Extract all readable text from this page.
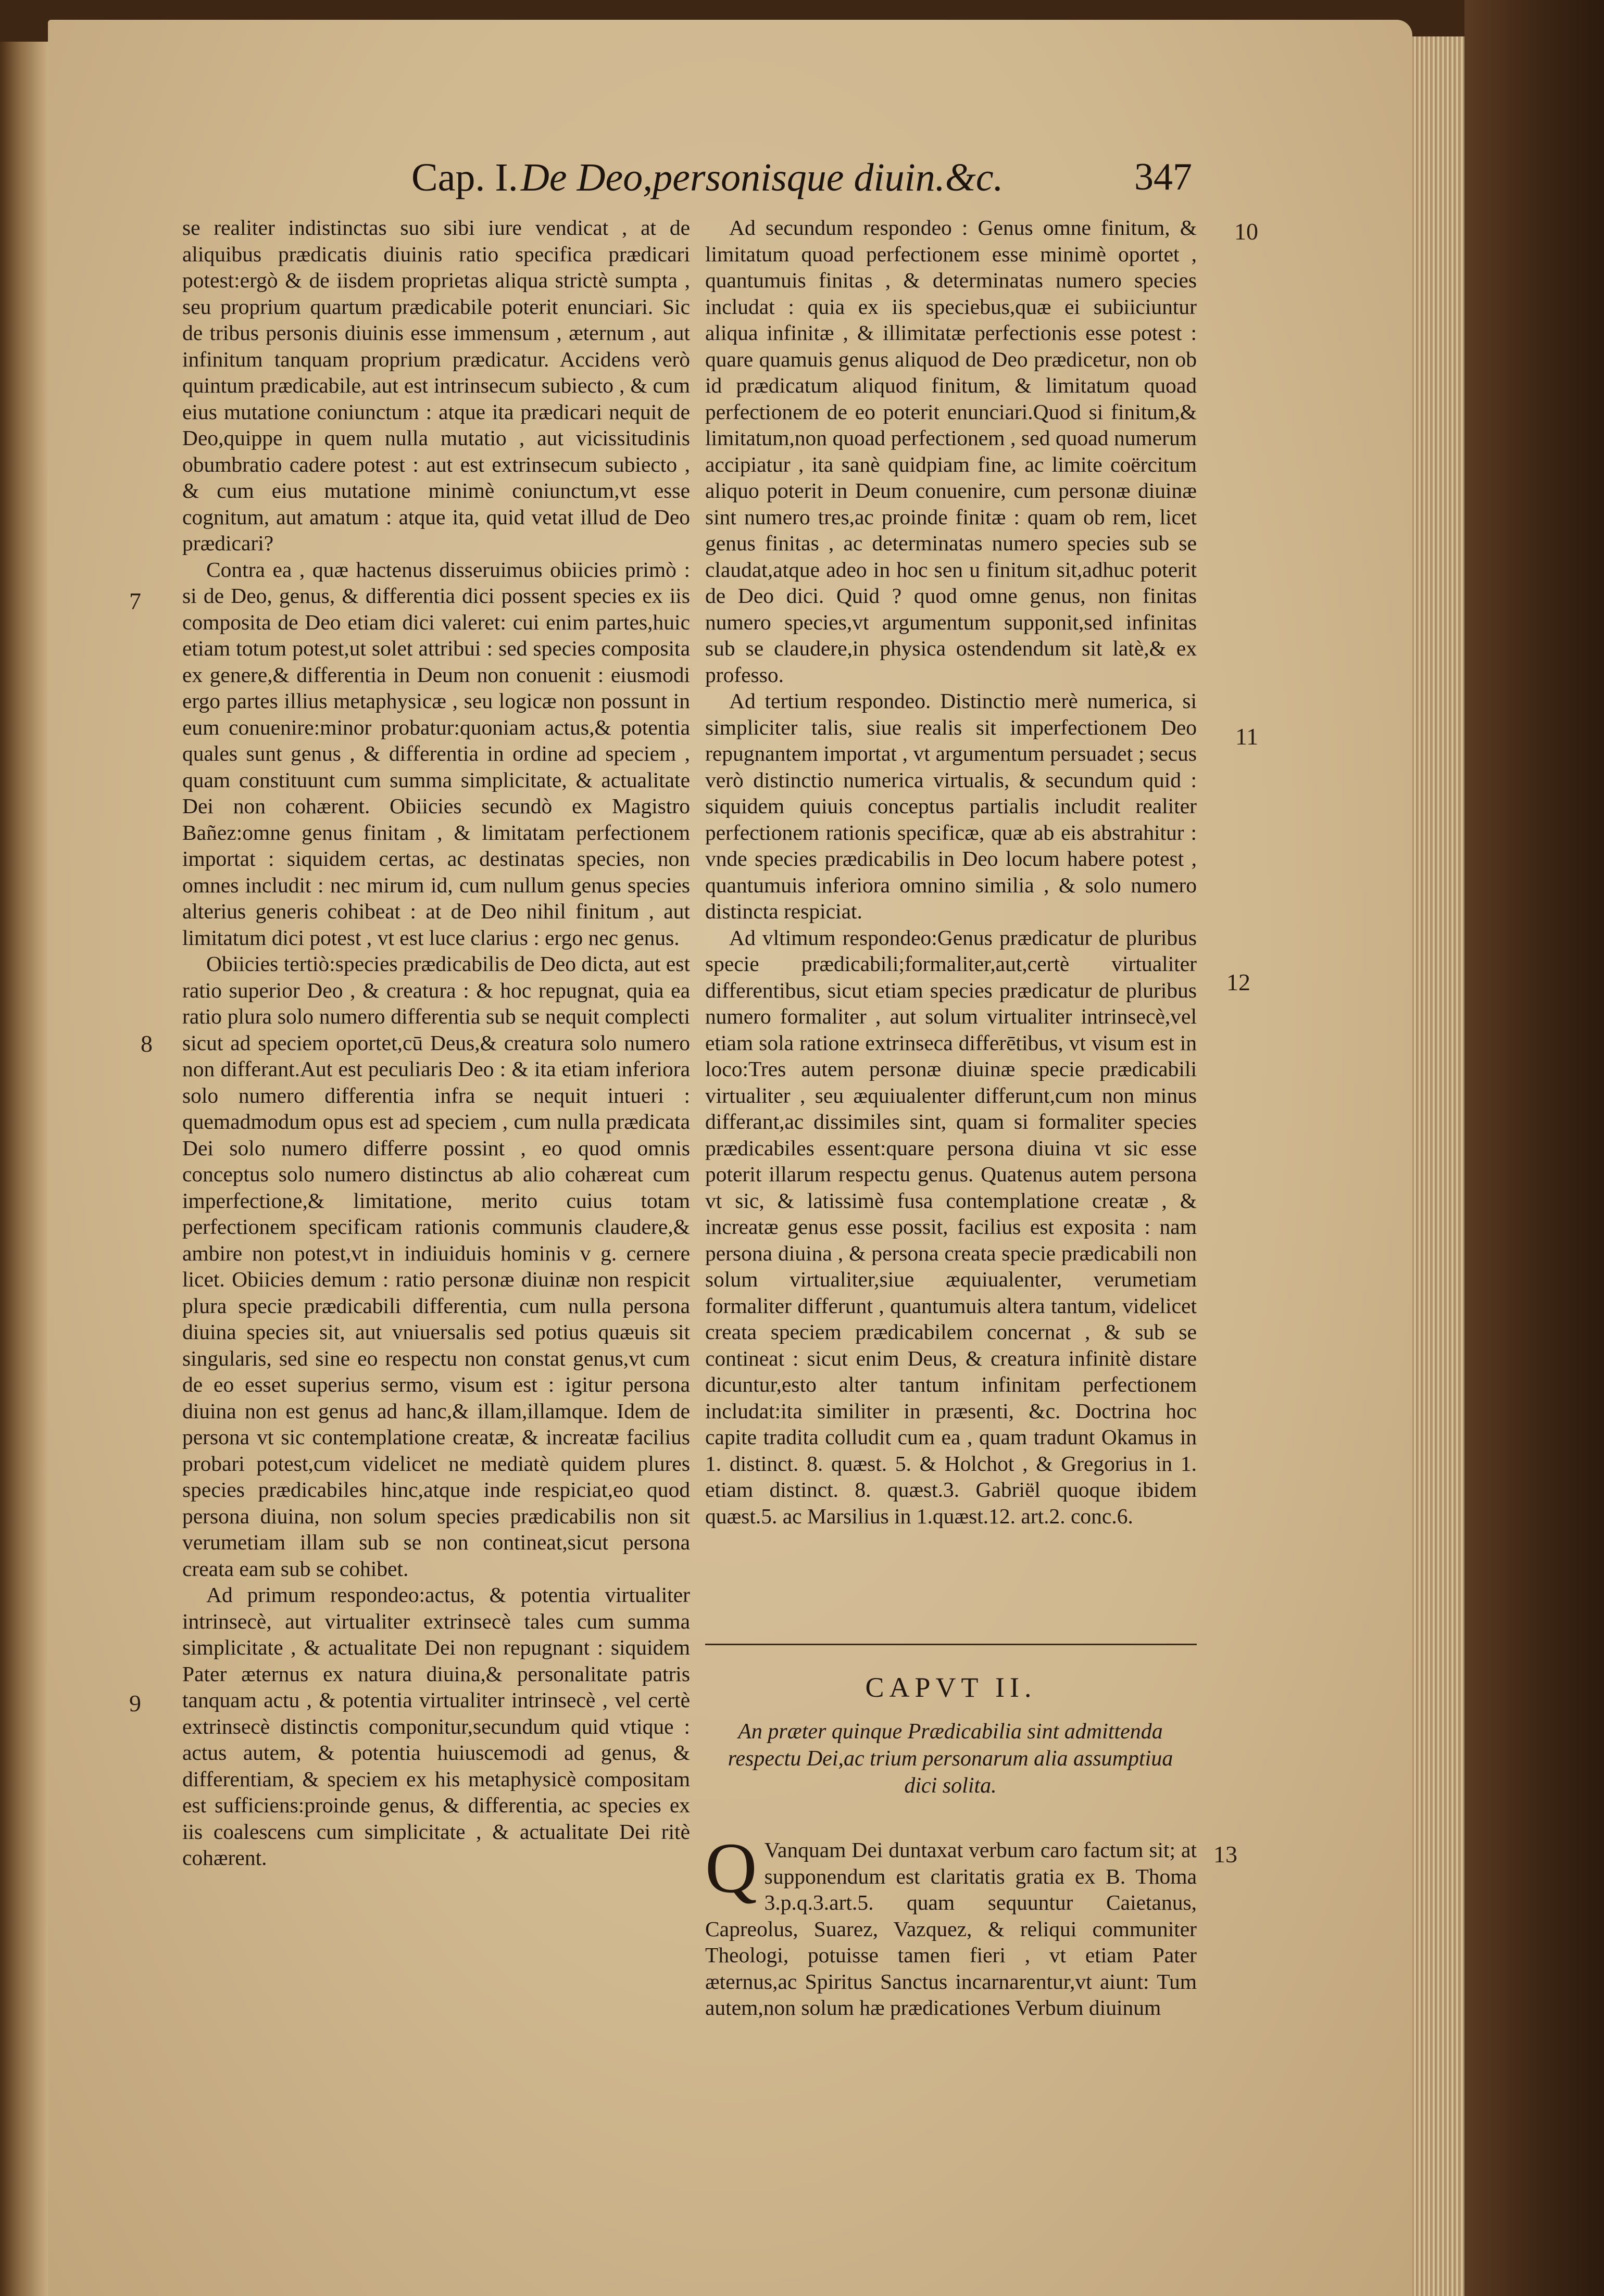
Cap. I. De Deo,personisque diuin.&c.	347

se realiter indistinctas suo sibi iure vendicat , at de aliquibus prædicatis diuinis ratio specifica prædicari potest:ergò & de iisdem proprietas aliqua strictè sumpta , seu proprium quartum prædicabile poterit enunciari. Sic de tribus personis diuinis esse immensum , æternum , aut infinitum tanquam proprium prædicatur. Accidens verò quintum prædicabile, aut est intrinsecum subiecto , & cum eius mutatione coniunctum : atque ita prædicari nequit de Deo,quippe in quem nulla mutatio , aut vicissitudinis obumbratio cadere potest : aut est extrinsecum subiecto , & cum eius mutatione minimè coniunctum,vt esse cognitum, aut amatum : atque ita, quid vetat illud de Deo prædicari?

Contra ea , quæ hactenus disseruimus obiicies primò : si de Deo, genus, & differentia dici possent species ex iis composita de Deo etiam dici valeret: cui enim partes,huic etiam totum potest,ut solet attribui : sed species composita ex genere,& differentia in Deum non conuenit : eiusmodi ergo partes illius metaphysicæ , seu logicæ non possunt in eum conuenire:minor probatur:quoniam actus,& potentia quales sunt genus , & differentia in ordine ad speciem , quam constituunt cum summa simplicitate, & actualitate Dei non cohærent. Obiicies secundò ex Magistro Bañez:omne genus finitam , & limitatam perfectionem importat : siquidem certas, ac destinatas species, non omnes includit : nec mirum id, cum nullum genus species alterius generis cohibeat : at de Deo nihil finitum , aut limitatum dici potest , vt est luce clarius : ergo nec genus.

Obiicies tertiò:species prædicabilis de Deo dicta, aut est ratio superior Deo , & creatura : & hoc repugnat, quia ea ratio plura solo numero differentia sub se nequit complecti sicut ad speciem oportet,cū Deus,& creatura solo numero non differant.Aut est peculiaris Deo : & ita etiam inferiora solo numero differentia infra se nequit intueri : quemadmodum opus est ad speciem , cum nulla prædicata Dei solo numero differre possint , eo quod omnis conceptus solo numero distinctus ab alio cohæreat cum imperfectione,& limitatione, merito cuius totam perfectionem specificam rationis communis claudere,& ambire non potest,vt in indiuiduis hominis v g. cernere licet. Obiicies demum : ratio personæ diuinæ non respicit plura specie prædicabili differentia, cum nulla persona diuina species sit, aut vniuersalis sed potius quæuis sit singularis, sed sine eo respectu non constat genus,vt cum de eo esset superius sermo, visum est : igitur persona diuina non est genus ad hanc,& illam,illamque. Idem de persona vt sic contemplatione creatæ, & increatæ facilius probari potest,cum videlicet ne mediatè quidem plures species prædicabiles hinc,atque inde respiciat,eo quod persona diuina, non solum species prædicabilis non sit verumetiam illam sub se non contineat,sicut persona creata eam sub se cohibet.

Ad primum respondeo:actus, & potentia virtualiter intrinsecè, aut virtualiter extrinsecè tales cum summa simplicitate , & actualitate Dei non repugnant : siquidem Pater æternus ex natura diuina,& personalitate patris tanquam actu , & potentia virtualiter intrinsecè , vel certè extrinsecè distinctis componitur,secundum quid vtique : actus autem, & potentia huiuscemodi ad genus, & differentiam, & speciem ex his metaphysicè compositam est sufficiens:proinde genus, & differentia, ac species ex iis coalescens cum simplicitate , & actualitate Dei ritè cohærent.

Ad secundum respondeo : Genus omne finitum, & limitatum quoad perfectionem esse minimè oportet , quantumuis finitas , & determinatas numero species includat : quia ex iis speciebus,quæ ei subiiciuntur aliqua infinitæ , & illimitatæ perfectionis esse potest : quare quamuis genus aliquod de Deo prædicetur, non ob id prædicatum aliquod finitum, & limitatum quoad perfectionem de eo poterit enunciari.Quod si finitum,& limitatum,non quoad perfectionem , sed quoad numerum accipiatur , ita sanè quidpiam fine, ac limite coërcitum aliquo poterit in Deum conuenire, cum personæ diuinæ sint numero tres,ac proinde finitæ : quam ob rem, licet genus finitas , ac determinatas numero species sub se claudat,atque adeo in hoc sen u finitum sit,adhuc poterit de Deo dici. Quid ? quod omne genus, non finitas numero species,vt argumentum supponit,sed infinitas sub se claudere,in physica ostendendum sit latè,& ex professo.

Ad tertium respondeo. Distinctio merè numerica, si simpliciter talis, siue realis sit imperfectionem Deo repugnantem importat , vt argumentum persuadet ; secus verò distinctio numerica virtualis, & secundum quid : siquidem quiuis conceptus partialis includit realiter perfectionem rationis specificæ, quæ ab eis abstrahitur : vnde species prædicabilis in Deo locum habere potest , quantumuis inferiora omnino similia , & solo numero distincta respiciat.

Ad vltimum respondeo:Genus prædicatur de pluribus specie prædicabili;formaliter,aut,certè virtualiter differentibus, sicut etiam species prædicatur de pluribus numero formaliter , aut solum virtualiter intrinsecè,vel etiam sola ratione extrinseca differētibus, vt visum est in loco:Tres autem personæ diuinæ specie prædicabili virtualiter , seu æquiualenter differunt,cum non minus differant,ac dissimiles sint, quam si formaliter species prædicabiles essent:quare persona diuina vt sic esse poterit illarum respectu genus. Quatenus autem persona vt sic, & latissimè fusa contemplatione creatæ , & increatæ genus esse possit, facilius est exposita : nam persona diuina , & persona creata specie prædicabili non solum virtualiter,siue æquiualenter, verumetiam formaliter differunt , quantumuis altera tantum, videlicet creata speciem prædicabilem concernat , & sub se contineat : sicut enim Deus, & creatura infinitè distare dicuntur,esto alter tantum infinitam perfectionem includat:ita similiter in præsenti, &c. Doctrina hoc capite tradita colludit cum ea , quam tradunt Okamus in 1. distinct. 8. quæst. 5. & Holchot , & Gregorius in 1. etiam distinct. 8. quæst.3. Gabriël quoque ibidem quæst.5. ac Marsilius in 1.quæst.12. art.2. conc.6.

CAPVT II.
An præter quinque Prædicabilia sint admittenda respectu Dei,ac trium personarum alia assumptiua dici solita.

Q Vanquam Dei duntaxat verbum caro factum sit; at supponendum est claritatis gratia ex B. Thoma 3.p.q.3.art.5. quam sequuntur Caietanus, Capreolus, Suarez, Vazquez, & reliqui communiter Theologi, potuisse tamen fieri , vt etiam Pater æternus,ac Spiritus Sanctus incarnarentur,vt aiunt: Tum autem,non solum hæ prædicationes Verbum diuinum

7
8
9
10
11
12
13
